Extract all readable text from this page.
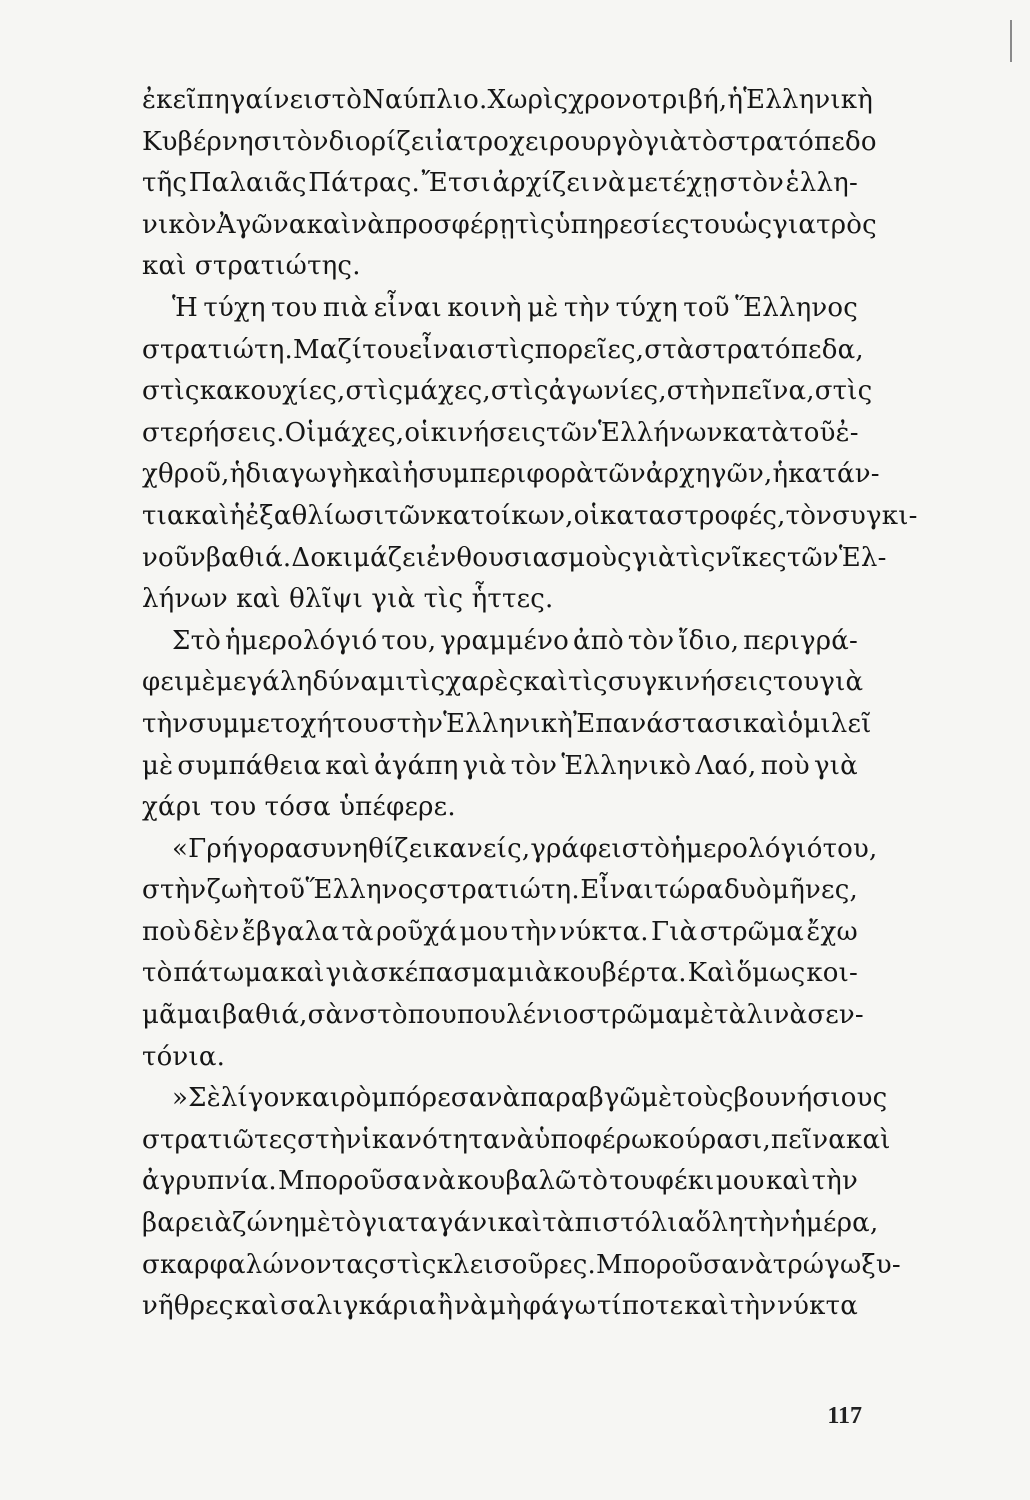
ἐκεῖ πηγαίνει στὸ Ναύπλιο. Χωρὶς χρονοτριβή, ἡ Ἑλληνικὴ
Κυβέρνησι τὸν διορίζει ἰατροχειρουργὸ γιὰ τὸ στρατόπεδο
τῆς Παλαιᾶς Πάτρας. Ἔτσι ἀρχίζει νὰ μετέχῃ στὸν ἑλλη-
νικὸν Ἀγῶνα καὶ νὰ προσφέρῃ τὶς ὑπηρεσίες του ὡς γιατρὸς
καὶ στρατιώτης.
Ἡ τύχη του πιὰ εἶναι κοινὴ μὲ τὴν τύχη τοῦ Ἕλληνος
στρατιώτη. Μαζί του εἶναι στὶς πορεῖες, στὰ στρατόπεδα,
στὶς κακουχίες, στὶς μάχες, στὶς ἀγωνίες, στὴν πεῖνα, στὶς
στερήσεις. Οἱ μάχες, οἱ κινήσεις τῶν Ἑλλήνων κατὰ τοῦ ἐ-
χθροῦ, ἡ διαγωγὴ καὶ ἡ συμπεριφορὰ τῶν ἀρχηγῶν, ἡ κατάν-
τια καὶ ἡ ἐξαθλίωσι τῶν κατοίκων, οἱ καταστροφές, τὸν συγκι-
νοῦν βαθιά. Δοκιμάζει ἐνθουσιασμοὺς γιὰ τὶς νῖκες τῶν Ἑλ-
λήνων καὶ θλῖψι γιὰ τὶς ἧττες.
Στὸ ἡμερολόγιό του, γραμμένο ἀπὸ τὸν ἴδιο, περιγρά-
φει μὲ μεγάλη δύναμι τὶς χαρὲς καὶ τὶς συγκινήσεις του γιὰ
τὴν συμμετοχή του στὴν Ἑλληνικὴ Ἐπανάστασι καὶ ὁμιλεῖ
μὲ συμπάθεια καὶ ἀγάπη γιὰ τὸν Ἑλληνικὸ Λαό, ποὺ γιὰ
χάρι του τόσα ὑπέφερε.
« Γρήγορα συνηθίζει κανείς, γράφει στὸ ἡμερολόγιό του,
στὴν ζωὴ τοῦ Ἕλληνος στρατιώτη. Εἶναι τώρα δυὸ μῆνες,
ποὺ δὲν ἔβγαλα τὰ ροῦχά μου τὴν νύκτα. Γιὰ στρῶμα ἔχω
τὸ πάτωμα καὶ γιὰ σκέπασμα μιὰ κουβέρτα. Καὶ ὅμως κοι-
μᾶμαι βαθιά, σὰν στὸ πουπουλένιο στρῶμα μὲ τὰ λινὰ σεν-
τόνια.
» Σὲ λίγον καιρὸ μπόρεσα νὰ παραβγῶ μὲ τοὺς βουνήσιους
στρατιῶτες στὴν ἱκανότητα νὰ ὑποφέρω κούρασι, πεῖνα καὶ
ἀγρυπνία. Μποροῦσα νὰ κουβαλῶ τὸ τουφέκι μου καὶ τὴν
βαρειὰ ζώνη μὲ τὸ γιαταγάνι καὶ τὰ πιστόλια ὅλη τὴν ἡμέρα,
σκαρφαλώνοντας στὶς κλεισοῦρες. Μποροῦσα νὰ τρώγω ξυ-
νῆθρες καὶ σαλιγκάρια ἢ νὰ μὴ φάγω τίποτε καὶ τὴν νύκτα
117
